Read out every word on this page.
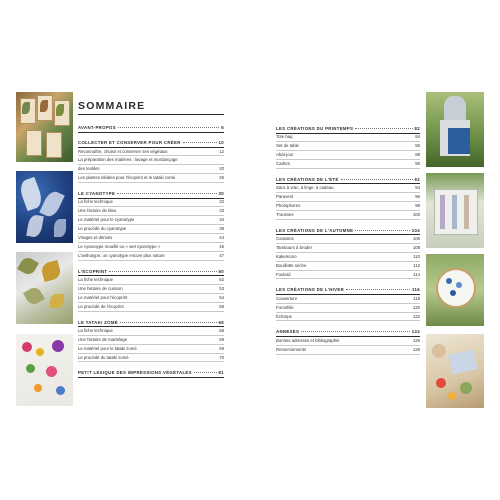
SOMMAIRE
AVANT-PROPOS	5
COLLECTER ET CONSERVER POUR CRÉER	10
Reconnaître, choisir et conserver ses végétaux	12
La préparation des matières : lavage et mordançage
des textiles	20
Les plantes idéales pour l'écoprint et le tataki zomé	26
LE CYANOTYPE	30
La fiche technique	32
Une histoire de bleu	33
Le matériel pour le cyanotype	34
Le procédé du cyanotype	38
Virages et dérivés	44
Le cyanotype mouillé ou « wet cyanotype »	46
L'anthotype, un cyanotype encore plus nature	47
L'ÉCOPRINT	50
La fiche technique	52
Une histoire de cuisson	53
Le matériel pour l'écoprint	54
Le procédé de l'écoprint	58
LE TATAKI ZOMÉ	66
La fiche technique	68
Une histoire de martelage	69
Le matériel pour le tataki zomé	69
Le procédé du tataki zomé	70
PETIT LEXIQUE DES IMPRESSIONS VÉGÉTALES	81
LES CRÉATIONS DU PRINTEMPS	82
Tote bag	84
Set de table	86
Abat-jour	88
Cadres	90
LES CRÉATIONS DE L'ÉTÉ	92
Sacs à vrac, à linge, à cadeau	94
Paravent	96
Photophores	98
Trousses	100
LES CRÉATIONS DE L'AUTOMNE	104
Coussins	106
Tambours à broder	108
Kakemono	110
Bouillotte sèche	112
Foulard	114
LES CRÉATIONS DE L'HIVER	116
Couverture	118
Furoshiki	120
Écharpe	122
ANNEXES	124
Bonnes adresses et bibliographie	126
Remerciements	128
